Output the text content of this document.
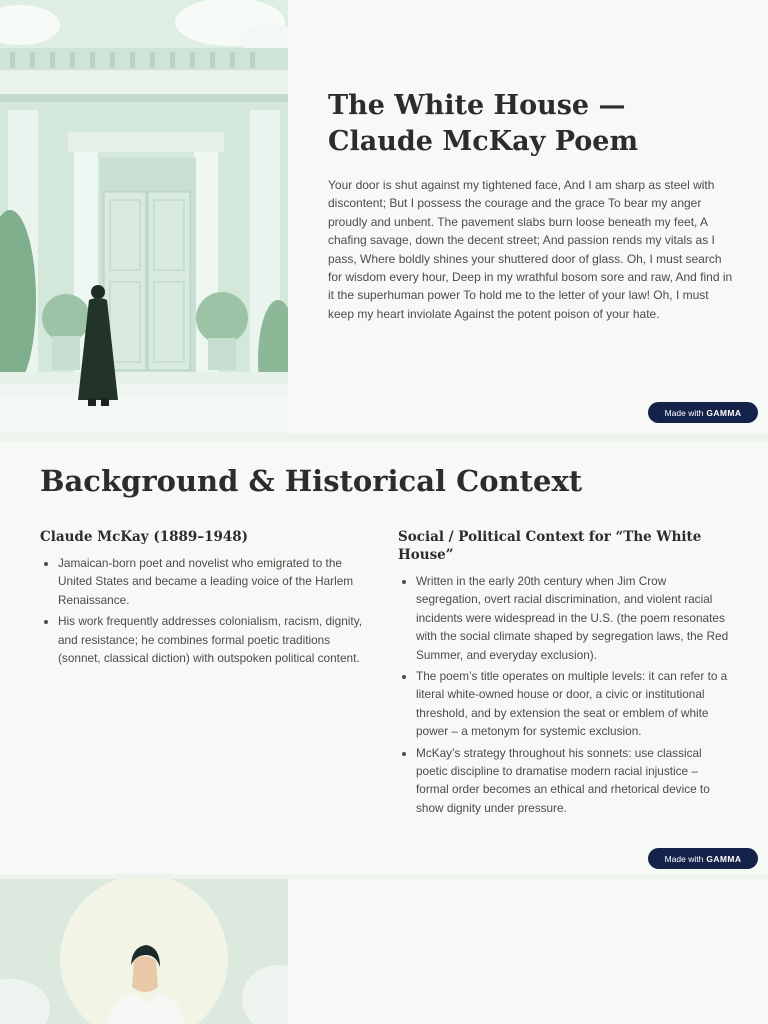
The White House — Claude McKay Poem

Your door is shut against my tightened face, And I am sharp as steel with discontent; But I possess the courage and the grace To bear my anger proudly and unbent. The pavement slabs burn loose beneath my feet, A chafing savage, down the decent street; And passion rends my vitals as I pass, Where boldly shines your shuttered door of glass. Oh, I must search for wisdom every hour, Deep in my wrathful bosom sore and raw, And find in it the superhuman power To hold me to the letter of your law! Oh, I must keep my heart inviolate Against the potent poison of your hate.

Made with GAMMA
Background & Historical Context
Claude McKay (1889–1948)
• Jamaican-born poet and novelist who emigrated to the United States and became a leading voice of the Harlem Renaissance.
• His work frequently addresses colonialism, racism, dignity, and resistance; he combines formal poetic traditions (sonnet, classical diction) with outspoken political content.
Social / Political Context for “The White House”
• Written in the early 20th century when Jim Crow segregation, overt racial discrimination, and violent racial incidents were widespread in the U.S. (the poem resonates with the social climate shaped by segregation laws, the Red Summer, and everyday exclusion).
• The poem’s title operates on multiple levels: it can refer to a literal white-owned house or door, a civic or institutional threshold, and by extension the seat or emblem of white power – a metonym for systemic exclusion.
• McKay’s strategy throughout his sonnets: use classical poetic discipline to dramatise modern racial injustice – formal order becomes an ethical and rhetorical device to show dignity under pressure.
Made with GAMMA
